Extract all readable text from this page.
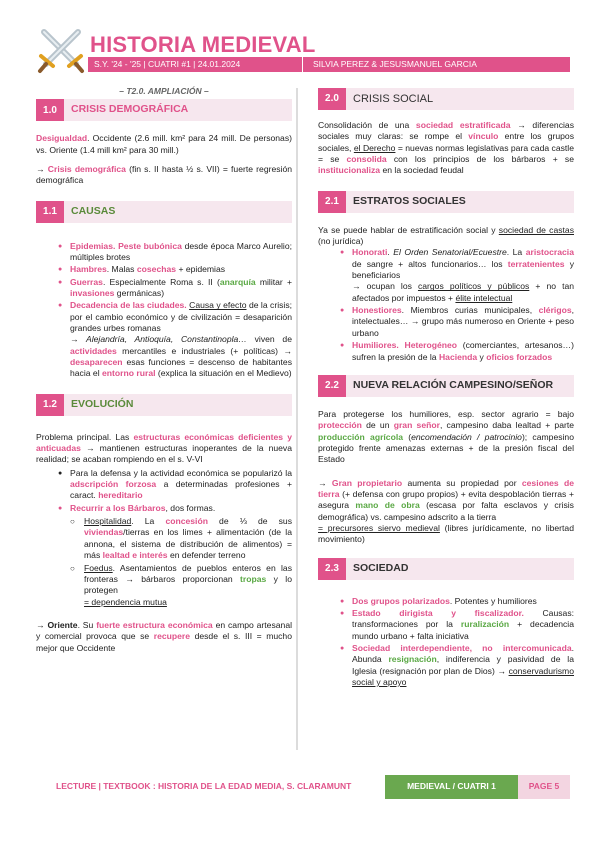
HISTORIA MEDIEVAL
S.Y. '24 - '25 | CUATRI #1 | 24.01.2024	SILVIA PEREZ & JESUSMANUEL GARCIA
– T2.0. AMPLIACIÓN –
1.0	CRISIS DEMOGRÁFICA

Desigualdad. Occidente (2.6 mill. km² para 24 mill. De personas) vs. Oriente (1.4 mill km² para 30 mill.)

→ Crisis demográfica (fin s. II hasta ½ s. VII) = fuerte regresión demográfica

1.1	CAUSAS
● Epidemias. Peste bubónica desde época Marco Aurelio; múltiples brotes
● Hambres. Malas cosechas + epidemias
● Guerras. Especialmente Roma s. II (anarquía militar + invasiones germánicas)
● Decadencia de las ciudades. Causa y efecto de la crisis; por el cambio económico y de civilización = desaparición grandes urbes romanas
→ Alejandría, Antioquía, Constantinopla… viven de actividades mercantiles e industriales (+ políticas) → desaparecen esas funciones = descenso de habitantes hacia el entorno rural (explica la situación en el Medievo)
1.2	EVOLUCIÓN

Problema principal. Las estructuras económicas deficientes y anticuadas → mantienen estructuras inoperantes de la nueva realidad; se acaban rompiendo en el s. V-VI

● Para la defensa y la actividad económica se popularizó la adscripción forzosa a determinadas profesiones + caract. hereditario
● Recurrir a los Bárbaros, dos formas.
○ Hospitalidad. La concesión de ⅓ de sus viviendas/tierras en los limes + alimentación (de la annona, el sistema de distribución de alimentos) = más lealtad e interés en defender terreno
○ Foedus. Asentamientos de pueblos enteros en las fronteras → bárbaros proporcionan tropas y lo protegen
= dependencia mutua

→ Oriente. Su fuerte estructura económica en campo artesanal y comercial provoca que se recupere desde el s. III = mucho mejor que Occidente

2.0	CRISIS SOCIAL

Consolidación de una sociedad estratificada → diferencias sociales muy claras: se rompe el vínculo entre los grupos sociales, el Derecho = nuevas normas legislativas para cada castle = se consolida con los principios de los bárbaros + se institucionaliza en la sociedad feudal

2.1	ESTRATOS SOCIALES

Ya se puede hablar de estratificación social y sociedad de castas (no jurídica)

● Honorati. El Orden Senatorial/Ecuestre. La aristocracia de sangre + altos funcionarios… los terratenientes y beneficiarios
→ ocupan los cargos políticos y públicos + no tan afectados por impuestos + élite intelectual
● Honestiores. Miembros curias municipales, clérigos, intelectuales… → grupo más numeroso en Oriente + peso urbano
● Humiliores. Heterogéneo (comerciantes, artesanos…) sufren la presión de la Hacienda y oficios forzados
2.2	NUEVA RELACIÓN CAMPESINO/SEÑOR

Para protegerse los humiliores, esp. sector agrario = bajo protección de un gran señor, campesino daba lealtad + parte producción agrícola (encomendación / patrocinio); campesino protegido frente amenazas externas + de la presión fiscal del Estado

→ Gran propietario aumenta su propiedad por cesiones de tierra (+ defensa con grupo propios) + evita despoblación tierras + asegura mano de obra (escasa por falta esclavos y crisis demográfica) vs. campesino adscrito a la tierra

= precursores siervo medieval (libres jurídicamente, no libertad movimiento)

2.3	SOCIEDAD
● Dos grupos polarizados. Potentes y humiliores
● Estado dirigista y fiscalizador. Causas: transformaciones por la ruralización + decadencia mundo urbano + falta iniciativa
● Sociedad interdependiente, no intercomunicada. Abunda resignación, indiferencia y pasividad de la Iglesia (resignación por plan de Dios) → conservadurismo social y apoyo
LECTURE | TEXTBOOK : HISTORIA DE LA EDAD MEDIA, S. CLARAMUNT	MEDIEVAL / CUATRI 1	PAGE 5
